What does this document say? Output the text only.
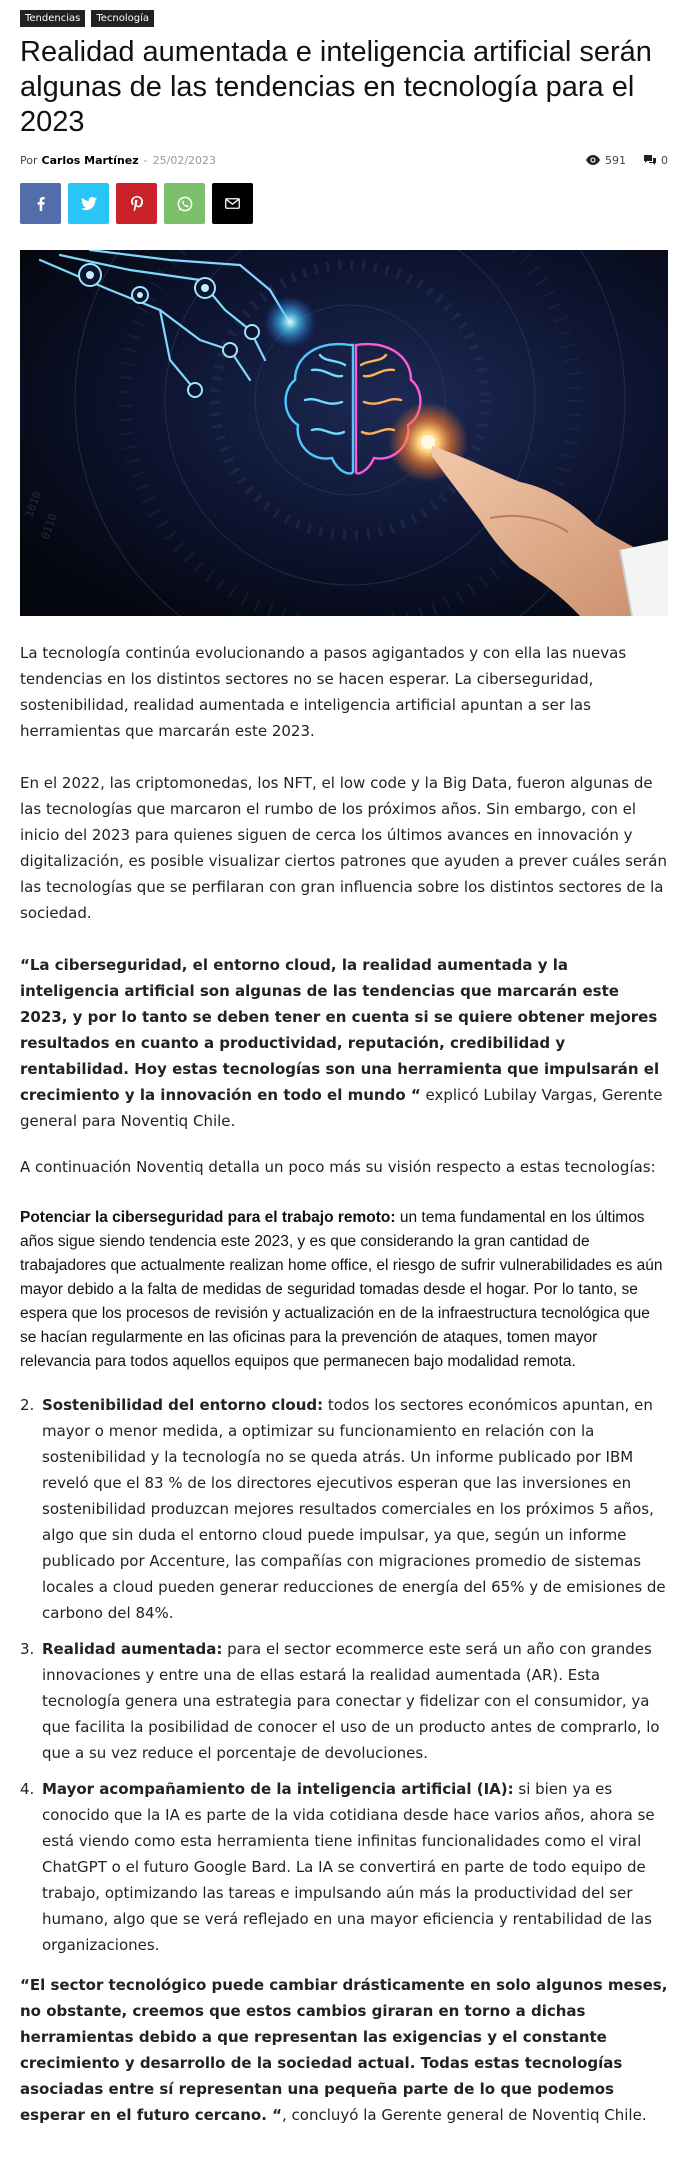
Tendencias	Tecnología
Realidad aumentada e inteligencia artificial serán algunas de las tendencias en tecnología para el 2023
Por Carlos Martínez - 25/02/2023	591	0
1010
0110

La tecnología continúa evolucionando a pasos agigantados y con ella las nuevas tendencias en los distintos sectores no se hacen esperar. La ciberseguridad, sostenibilidad, realidad aumentada e inteligencia artificial apuntan a ser las herramientas que marcarán este 2023.

En el 2022, las criptomonedas, los NFT, el low code y la Big Data, fueron algunas de las tecnologías que marcaron el rumbo de los próximos años. Sin embargo, con el inicio del 2023 para quienes siguen de cerca los últimos avances en innovación y digitalización, es posible visualizar ciertos patrones que ayuden a prever cuáles serán las tecnologías que se perfilaran con gran influencia sobre los distintos sectores de la sociedad.

“La ciberseguridad, el entorno cloud, la realidad aumentada y la inteligencia artificial son algunas de las tendencias que marcarán este 2023, y por lo tanto se deben tener en cuenta si se quiere obtener mejores resultados en cuanto a productividad, reputación, credibilidad y rentabilidad. Hoy estas tecnologías son una herramienta que impulsarán el crecimiento y la innovación en todo el mundo “ explicó Lubilay Vargas, Gerente general para Noventiq Chile.

A continuación Noventiq detalla un poco más su visión respecto a estas tecnologías:

Potenciar la ciberseguridad para el trabajo remoto: un tema fundamental en los últimos años sigue siendo tendencia este 2023, y es que considerando la gran cantidad de trabajadores que actualmente realizan home office, el riesgo de sufrir vulnerabilidades es aún mayor debido a la falta de medidas de seguridad tomadas desde el hogar. Por lo tanto, se espera que los procesos de revisión y actualización en de la infraestructura tecnológica que se hacían regularmente en las oficinas para la prevención de ataques, tomen mayor relevancia para todos aquellos equipos que permanecen bajo modalidad remota.

2. Sostenibilidad del entorno cloud: todos los sectores económicos apuntan, en mayor o menor medida, a optimizar su funcionamiento en relación con la sostenibilidad y la tecnología no se queda atrás. Un informe publicado por IBM reveló que el 83 % de los directores ejecutivos esperan que las inversiones en sostenibilidad produzcan mejores resultados comerciales en los próximos 5 años, algo que sin duda el entorno cloud puede impulsar, ya que, según un informe publicado por Accenture, las compañías con migraciones promedio de sistemas locales a cloud pueden generar reducciones de energía del 65% y de emisiones de carbono del 84%.
3. Realidad aumentada: para el sector ecommerce este será un año con grandes innovaciones y entre una de ellas estará la realidad aumentada (AR). Esta tecnología genera una estrategia para conectar y fidelizar con el consumidor, ya que facilita la posibilidad de conocer el uso de un producto antes de comprarlo, lo que a su vez reduce el porcentaje de devoluciones.
4. Mayor acompañamiento de la inteligencia artificial (IA): si bien ya es conocido que la IA es parte de la vida cotidiana desde hace varios años, ahora se está viendo como esta herramienta tiene infinitas funcionalidades como el viral ChatGPT o el futuro Google Bard. La IA se convertirá en parte de todo equipo de trabajo, optimizando las tareas e impulsando aún más la productividad del ser humano, algo que se verá reflejado en una mayor eficiencia y rentabilidad de las organizaciones.

“El sector tecnológico puede cambiar drásticamente en solo algunos meses, no obstante, creemos que estos cambios giraran en torno a dichas herramientas debido a que representan las exigencias y el constante crecimiento y desarrollo de la sociedad actual. Todas estas tecnologías asociadas entre sí representan una pequeña parte de lo que podemos esperar en el futuro cercano. “, concluyó la Gerente general de Noventiq Chile.
